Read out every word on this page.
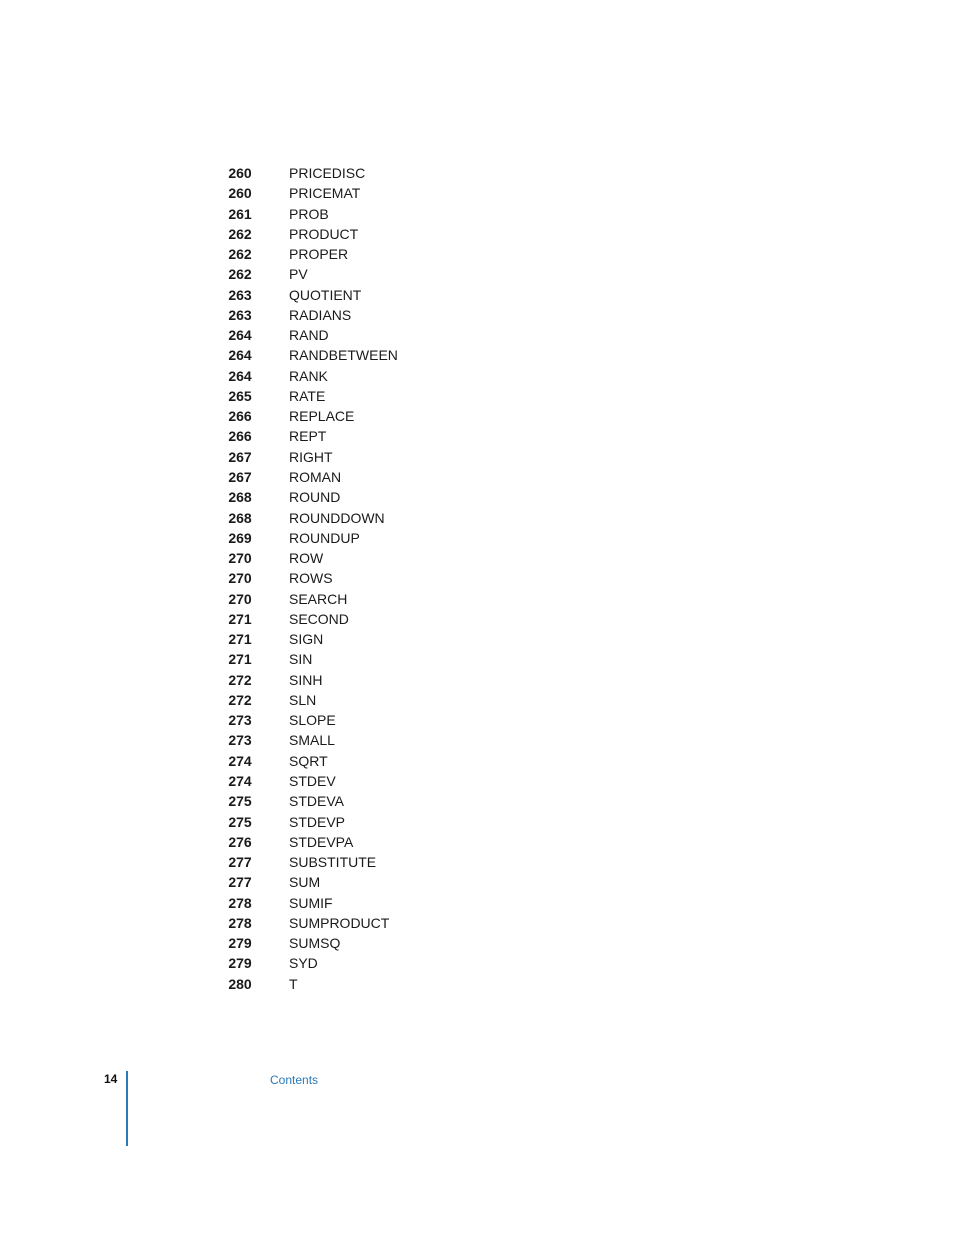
260	PRICEDISC
260	PRICEMAT
261	PROB
262	PRODUCT
262	PROPER
262	PV
263	QUOTIENT
263	RADIANS
264	RAND
264	RANDBETWEEN
264	RANK
265	RATE
266	REPLACE
266	REPT
267	RIGHT
267	ROMAN
268	ROUND
268	ROUNDDOWN
269	ROUNDUP
270	ROW
270	ROWS
270	SEARCH
271	SECOND
271	SIGN
271	SIN
272	SINH
272	SLN
273	SLOPE
273	SMALL
274	SQRT
274	STDEV
275	STDEVA
275	STDEVP
276	STDEVPA
277	SUBSTITUTE
277	SUM
278	SUMIF
278	SUMPRODUCT
279	SUMSQ
279	SYD
280	T
14	Contents
